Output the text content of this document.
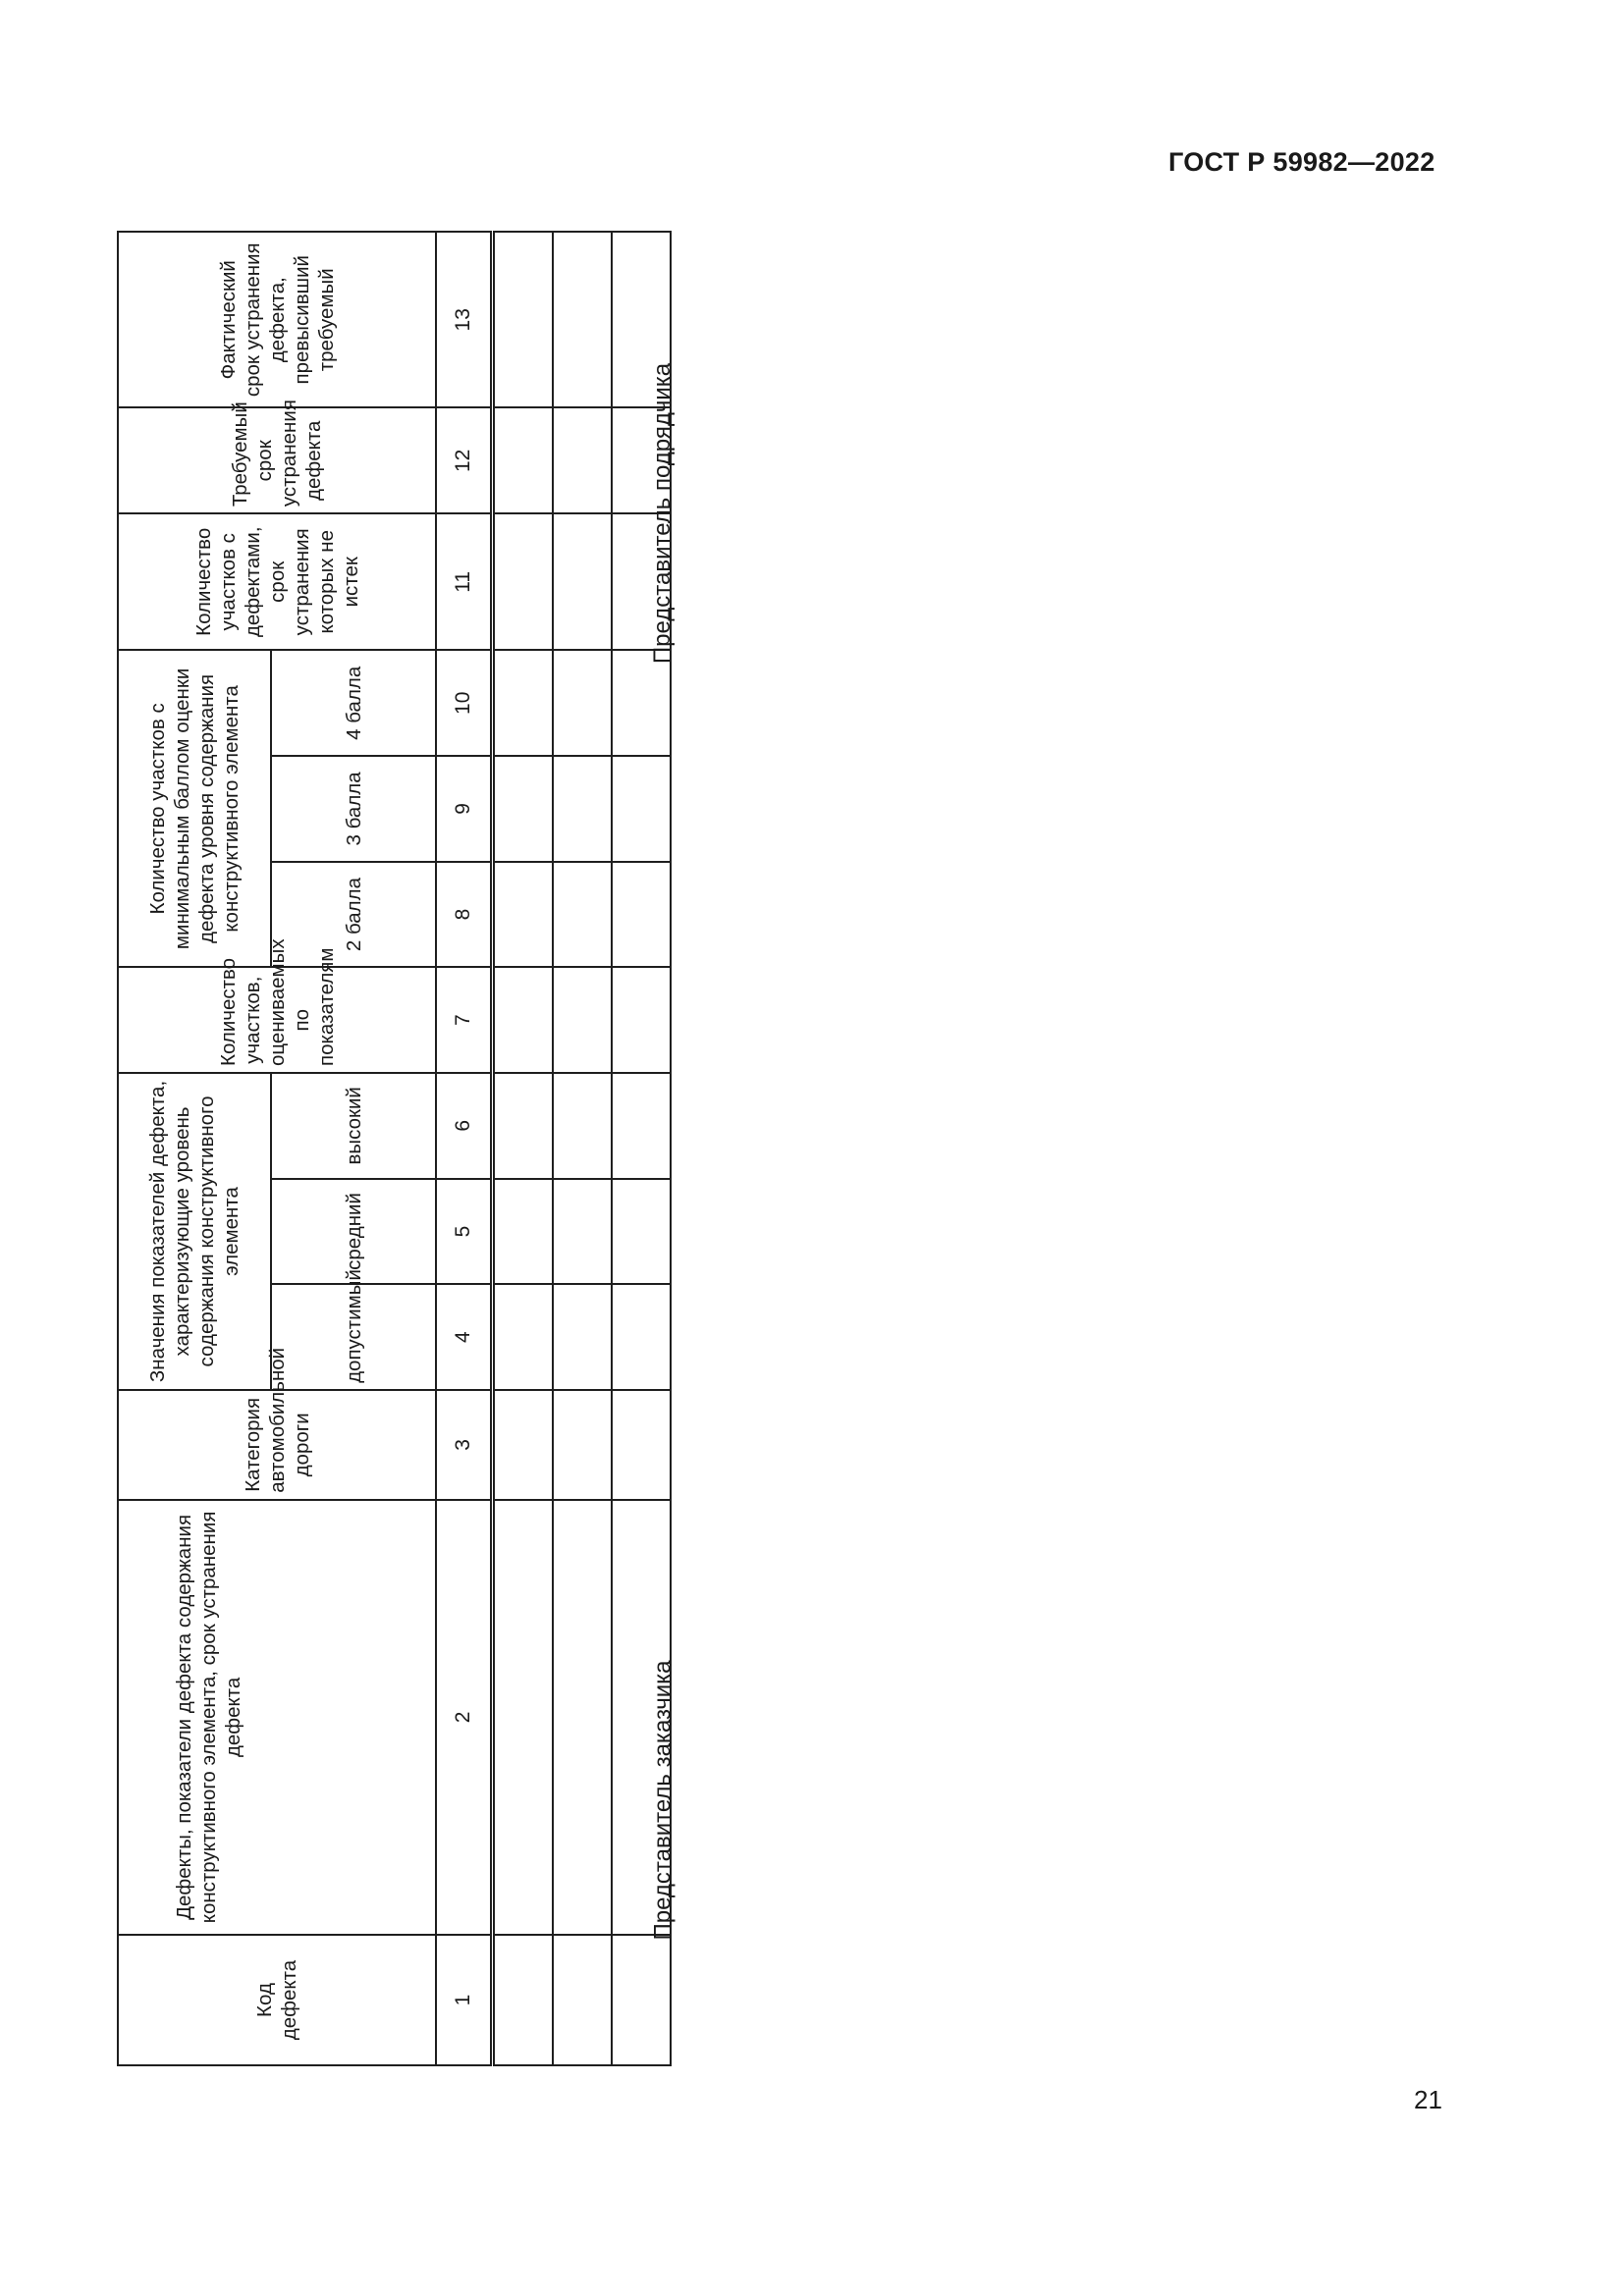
ГОСТ Р 59982—2022
Код дефекта	Дефекты, показатели дефекта содержания конструктивного элемента, срок устранения дефекта	Категория автомобильной дороги	Значения показателей дефекта, характеризующие уровень содержания конструктивного элемента			Количество участков, оцениваемых по показателям	Количество участков с минимальным баллом оценки дефекта уровня содержания конструктивного элемента			Количество участков с дефектами, срок устранения которых не истек	Требуемый срок устранения дефекта	Фактический срок устранения дефекта, превысивший требуемый
			допустимый	средний	высокий		2 балла	3 балла	4 балла			
1	2	3	4	5	6	7	8	9	10	11	12	13

Представитель заказчика
Представитель подрядчика
21
